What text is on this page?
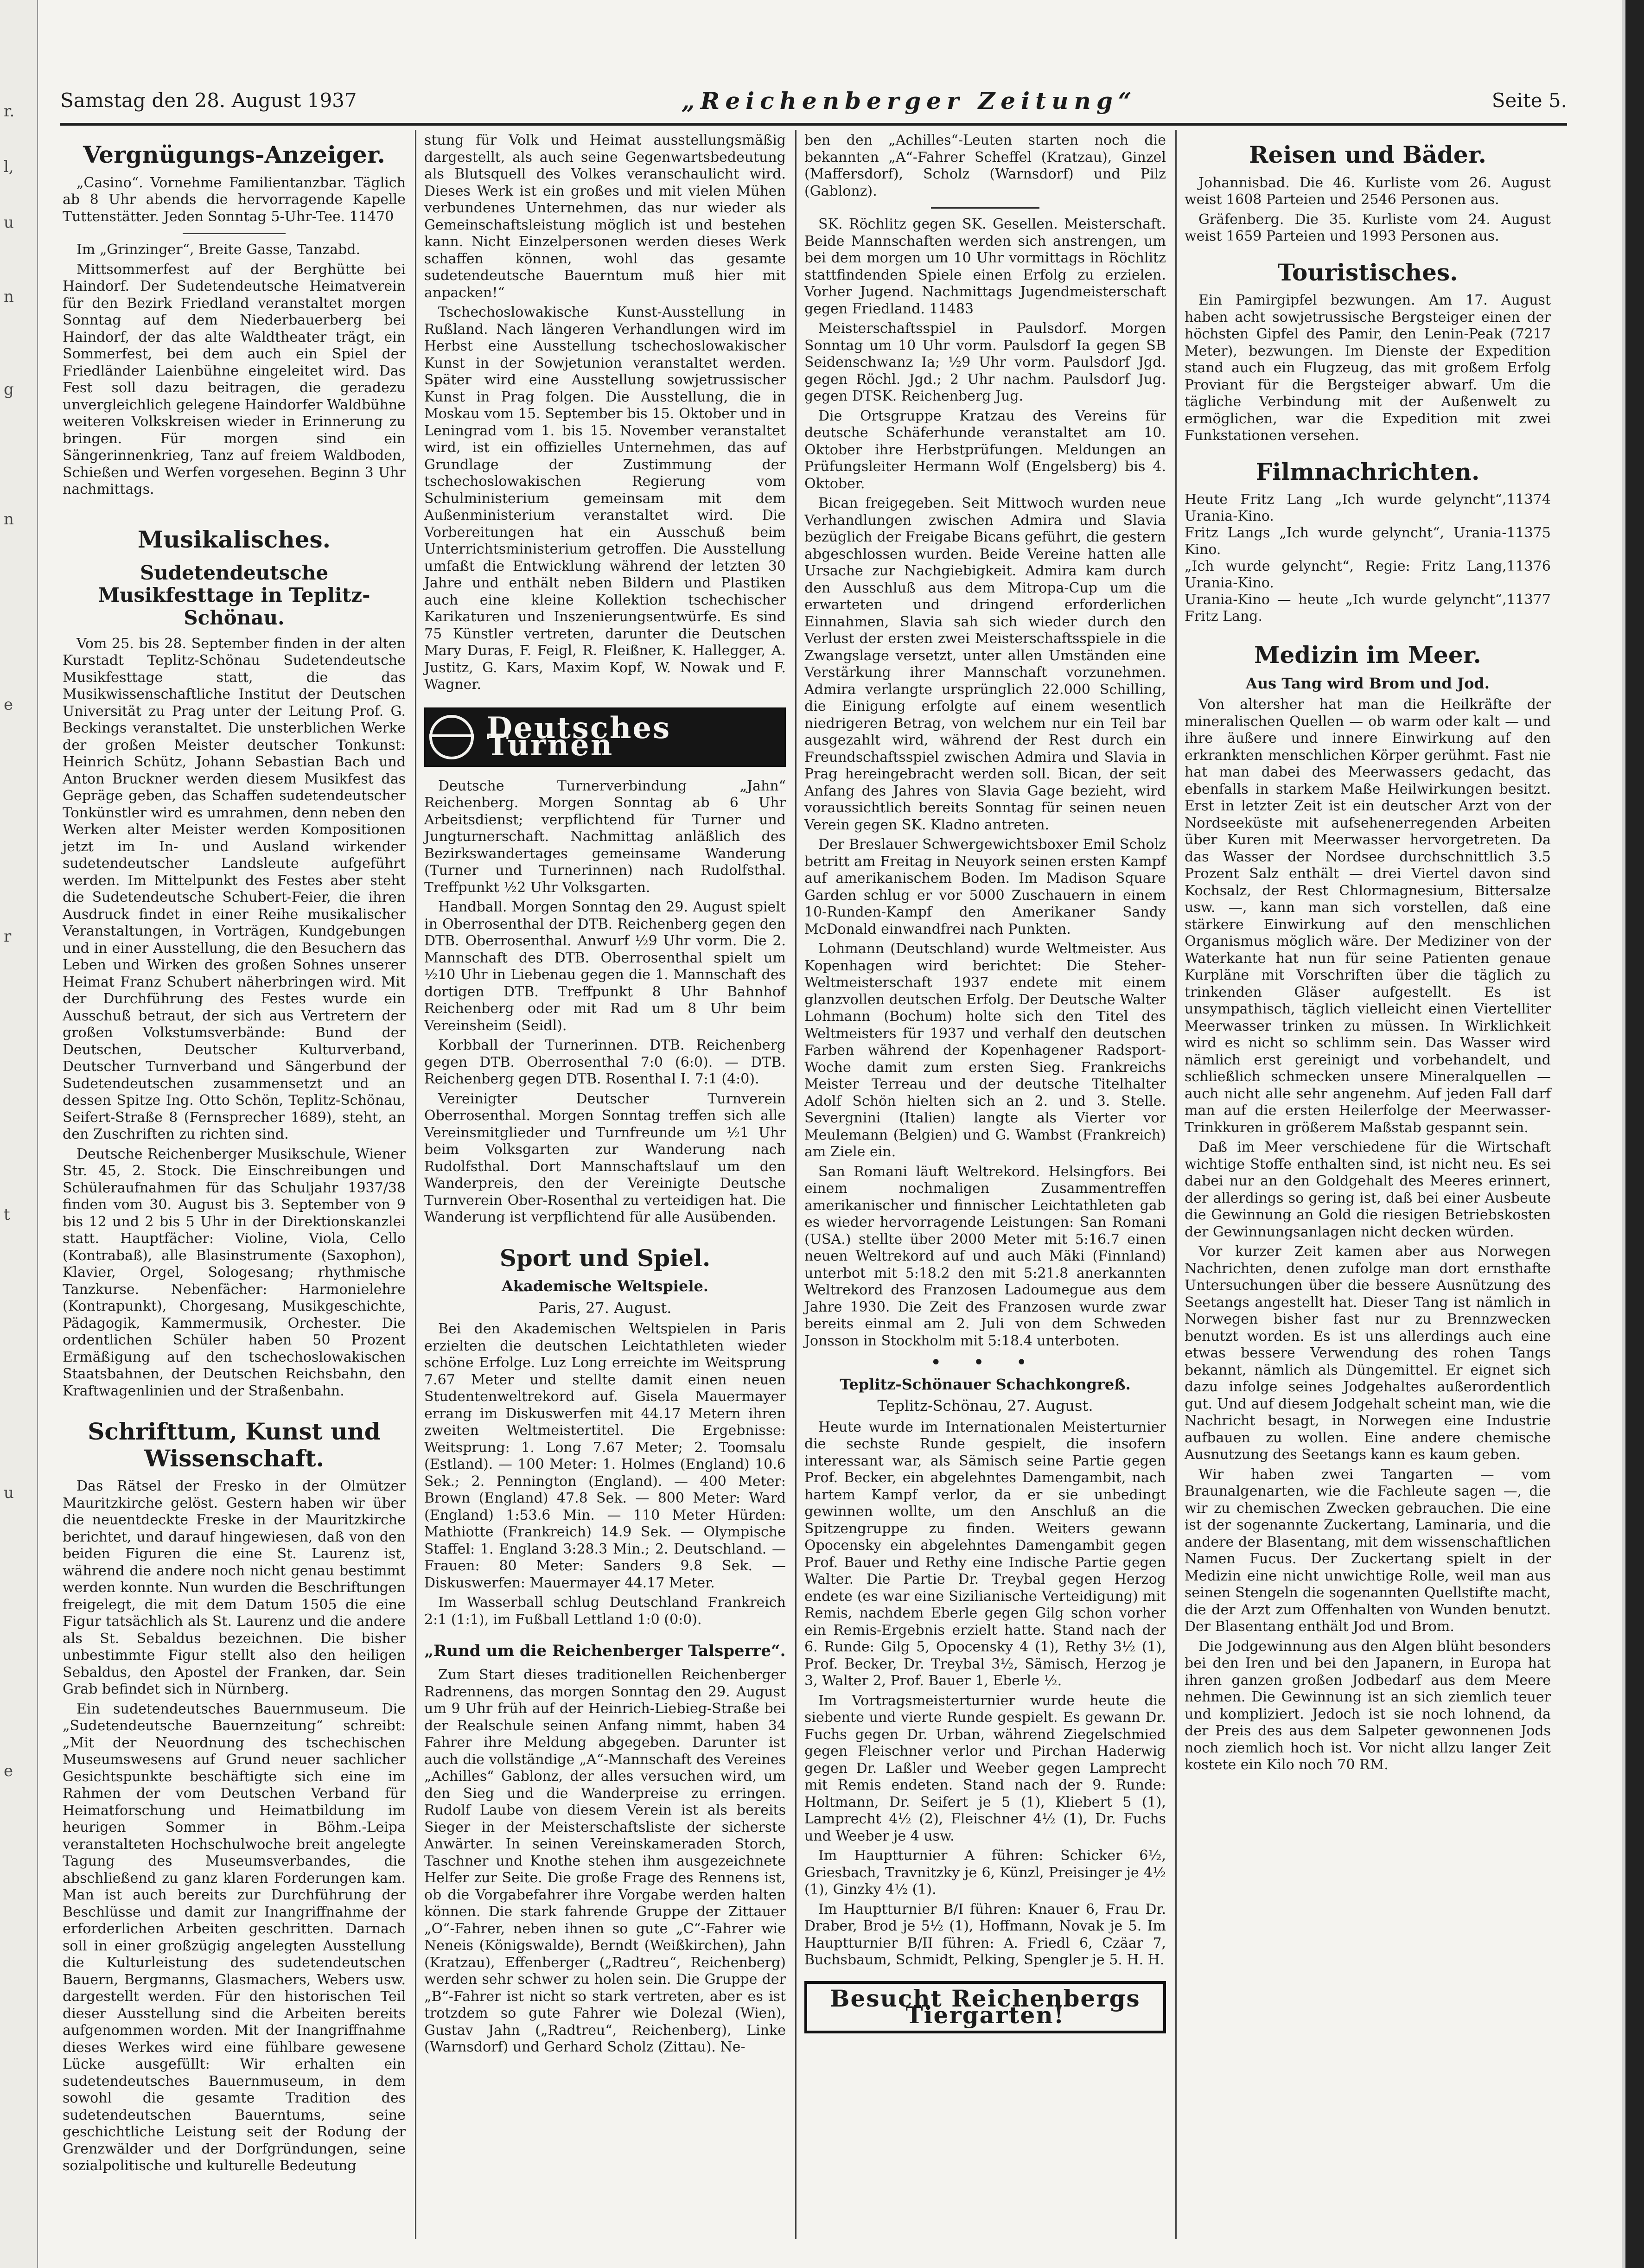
r.
l,
u
n
g
n
e
r
t
u
e
Samstag den 28. August 1937	„Reichenberger Zeitung“	Seite 5.
Vergnügungs-Anzeiger.

„Casino“. Vornehme Familientanzbar. Täglich ab 8 Uhr abends die hervorragende Kapelle Tuttenstätter. Jeden Sonntag 5-Uhr-Tee. 11470

Im „Grinzinger“, Breite Gasse, Tanzabd.

Mittsommerfest auf der Berghütte bei Haindorf. Der Sudetendeutsche Heimatverein für den Bezirk Friedland veranstaltet morgen Sonntag auf dem Niederbauerberg bei Haindorf, der das alte Waldtheater trägt, ein Sommerfest, bei dem auch ein Spiel der Friedländer Laienbühne eingeleitet wird. Das Fest soll dazu beitragen, die geradezu unvergleichlich gelegene Haindorfer Waldbühne weiteren Volkskreisen wieder in Erinnerung zu bringen. Für morgen sind ein Sängerinnenkrieg, Tanz auf freiem Waldboden, Schießen und Werfen vorgesehen. Beginn 3 Uhr nachmittags.

Musikalisches.
Sudetendeutsche Musikfesttage in Teplitz-Schönau.

Vom 25. bis 28. September finden in der alten Kurstadt Teplitz-Schönau Sudetendeutsche Musikfesttage statt, die das Musikwissenschaftliche Institut der Deutschen Universität zu Prag unter der Leitung Prof. G. Beckings veranstaltet. Die unsterblichen Werke der großen Meister deutscher Tonkunst: Heinrich Schütz, Johann Sebastian Bach und Anton Bruckner werden diesem Musikfest das Gepräge geben, das Schaffen sudetendeutscher Tonkünstler wird es umrahmen, denn neben den Werken alter Meister werden Kompositionen jetzt im In- und Ausland wirkender sudetendeutscher Landsleute aufgeführt werden. Im Mittelpunkt des Festes aber steht die Sudetendeutsche Schubert-Feier, die ihren Ausdruck findet in einer Reihe musikalischer Veranstaltungen, in Vorträgen, Kundgebungen und in einer Ausstellung, die den Besuchern das Leben und Wirken des großen Sohnes unserer Heimat Franz Schubert näherbringen wird. Mit der Durchführung des Festes wurde ein Ausschuß betraut, der sich aus Vertretern der großen Volkstumsverbände: Bund der Deutschen, Deutscher Kulturverband, Deutscher Turnverband und Sängerbund der Sudetendeutschen zusammensetzt und an dessen Spitze Ing. Otto Schön, Teplitz-Schönau, Seifert-Straße 8 (Fernsprecher 1689), steht, an den Zuschriften zu richten sind.

Deutsche Reichenberger Musikschule, Wiener Str. 45, 2. Stock. Die Einschreibungen und Schüleraufnahmen für das Schuljahr 1937/38 finden vom 30. August bis 3. September von 9 bis 12 und 2 bis 5 Uhr in der Direktionskanzlei statt. Hauptfächer: Violine, Viola, Cello (Kontrabaß), alle Blasinstrumente (Saxophon), Klavier, Orgel, Sologesang; rhythmische Tanzkurse. Nebenfächer: Harmonielehre (Kontrapunkt), Chorgesang, Musikgeschichte, Pädagogik, Kammermusik, Orchester. Die ordentlichen Schüler haben 50 Prozent Ermäßigung auf den tschechoslowakischen Staatsbahnen, der Deutschen Reichsbahn, den Kraftwagenlinien und der Straßenbahn.

Schrifttum, Kunst und Wissenschaft.

Das Rätsel der Fresko in der Olmützer Mauritzkirche gelöst. Gestern haben wir über die neuentdeckte Freske in der Mauritzkirche berichtet, und darauf hingewiesen, daß von den beiden Figuren die eine St. Laurenz ist, während die andere noch nicht genau bestimmt werden konnte. Nun wurden die Beschriftungen freigelegt, die mit dem Datum 1505 die eine Figur tatsächlich als St. Laurenz und die andere als St. Sebaldus bezeichnen. Die bisher unbestimmte Figur stellt also den heiligen Sebaldus, den Apostel der Franken, dar. Sein Grab befindet sich in Nürnberg.

Ein sudetendeutsches Bauernmuseum. Die „Sudetendeutsche Bauernzeitung“ schreibt: „Mit der Neuordnung des tschechischen Museumswesens auf Grund neuer sachlicher Gesichtspunkte beschäftigte sich eine im Rahmen der vom Deutschen Verband für Heimatforschung und Heimatbildung im heurigen Sommer in Böhm.-Leipa veranstalteten Hochschulwoche breit angelegte Tagung des Museumsverbandes, die abschließend zu ganz klaren Forderungen kam. Man ist auch bereits zur Durchführung der Beschlüsse und damit zur Inangriffnahme der erforderlichen Arbeiten geschritten. Darnach soll in einer großzügig angelegten Ausstellung die Kulturleistung des sudetendeutschen Bauern, Bergmanns, Glasmachers, Webers usw. dargestellt werden. Für den historischen Teil dieser Ausstellung sind die Arbeiten bereits aufgenommen worden. Mit der Inangriffnahme dieses Werkes wird eine fühlbare gewesene Lücke ausgefüllt: Wir erhalten ein sudetendeutsches Bauernmuseum, in dem sowohl die gesamte Tradition des sudetendeutschen Bauerntums, seine geschichtliche Leistung seit der Rodung der Grenzwälder und der Dorfgründungen, seine sozialpolitische und kulturelle Bedeutung

stung für Volk und Heimat ausstellungsmäßig dargestellt, als auch seine Gegenwartsbedeutung als Blutsquell des Volkes veranschaulicht wird. Dieses Werk ist ein großes und mit vielen Mühen verbundenes Unternehmen, das nur wieder als Gemeinschaftsleistung möglich ist und bestehen kann. Nicht Einzelpersonen werden dieses Werk schaffen können, wohl das gesamte sudetendeutsche Bauerntum muß hier mit anpacken!“

Tschechoslowakische Kunst-Ausstellung in Rußland. Nach längeren Verhandlungen wird im Herbst eine Ausstellung tschechoslowakischer Kunst in der Sowjetunion veranstaltet werden. Später wird eine Ausstellung sowjetrussischer Kunst in Prag folgen. Die Ausstellung, die in Moskau vom 15. September bis 15. Oktober und in Leningrad vom 1. bis 15. November veranstaltet wird, ist ein offizielles Unternehmen, das auf Grundlage der Zustimmung der tschechoslowakischen Regierung vom Schulministerium gemeinsam mit dem Außenministerium veranstaltet wird. Die Vorbereitungen hat ein Ausschuß beim Unterrichtsministerium getroffen. Die Ausstellung umfaßt die Entwicklung während der letzten 30 Jahre und enthält neben Bildern und Plastiken auch eine kleine Kollektion tschechischer Karikaturen und Inszenierungsentwürfe. Es sind 75 Künstler vertreten, darunter die Deutschen Mary Duras, F. Feigl, R. Fleißner, K. Hallegger, A. Justitz, G. Kars, Maxim Kopf, W. Nowak und F. Wagner.

Deutsches Turnen

Deutsche Turnerverbindung „Jahn“ Reichenberg. Morgen Sonntag ab 6 Uhr Arbeitsdienst; verpflichtend für Turner und Jungturnerschaft. Nachmittag anläßlich des Bezirkswandertages gemeinsame Wanderung (Turner und Turnerinnen) nach Rudolfsthal. Treffpunkt ½2 Uhr Volksgarten.

Handball. Morgen Sonntag den 29. August spielt in Oberrosenthal der DTB. Reichenberg gegen den DTB. Oberrosenthal. Anwurf ½9 Uhr vorm. Die 2. Mannschaft des DTB. Oberrosenthal spielt um ½10 Uhr in Liebenau gegen die 1. Mannschaft des dortigen DTB. Treffpunkt 8 Uhr Bahnhof Reichenberg oder mit Rad um 8 Uhr beim Vereinsheim (Seidl).

Korbball der Turnerinnen. DTB. Reichenberg gegen DTB. Oberrosenthal 7:0 (6:0). — DTB. Reichenberg gegen DTB. Rosenthal I. 7:1 (4:0).

Vereinigter Deutscher Turnverein Oberrosenthal. Morgen Sonntag treffen sich alle Vereinsmitglieder und Turnfreunde um ½1 Uhr beim Volksgarten zur Wanderung nach Rudolfsthal. Dort Mannschaftslauf um den Wanderpreis, den der Vereinigte Deutsche Turnverein Ober-Rosenthal zu verteidigen hat. Die Wanderung ist verpflichtend für alle Ausübenden.

Sport und Spiel.
Akademische Weltspiele.
Paris, 27. August.

Bei den Akademischen Weltspielen in Paris erzielten die deutschen Leichtathleten wieder schöne Erfolge. Luz Long erreichte im Weitsprung 7.67 Meter und stellte damit einen neuen Studentenweltrekord auf. Gisela Mauermayer errang im Diskuswerfen mit 44.17 Metern ihren zweiten Weltmeistertitel. Die Ergebnisse: Weitsprung: 1. Long 7.67 Meter; 2. Toomsalu (Estland). — 100 Meter: 1. Holmes (England) 10.6 Sek.; 2. Pennington (England). — 400 Meter: Brown (England) 47.8 Sek. — 800 Meter: Ward (England) 1:53.6 Min. — 110 Meter Hürden: Mathiotte (Frankreich) 14.9 Sek. — Olympische Staffel: 1. England 3:28.3 Min.; 2. Deutschland. — Frauen: 80 Meter: Sanders 9.8 Sek. — Diskuswerfen: Mauermayer 44.17 Meter.

Im Wasserball schlug Deutschland Frankreich 2:1 (1:1), im Fußball Lettland 1:0 (0:0).

„Rund um die Reichenberger Talsperre“.

Zum Start dieses traditionellen Reichenberger Radrennens, das morgen Sonntag den 29. August um 9 Uhr früh auf der Heinrich-Liebieg-Straße bei der Realschule seinen Anfang nimmt, haben 34 Fahrer ihre Meldung abgegeben. Darunter ist auch die vollständige „A“-Mannschaft des Vereines „Achilles“ Gablonz, der alles versuchen wird, um den Sieg und die Wanderpreise zu erringen. Rudolf Laube von diesem Verein ist als bereits Sieger in der Meisterschaftsliste der sicherste Anwärter. In seinen Vereinskameraden Storch, Taschner und Knothe stehen ihm ausgezeichnete Helfer zur Seite. Die große Frage des Rennens ist, ob die Vorgabefahrer ihre Vorgabe werden halten können. Die stark fahrende Gruppe der Zittauer „O“-Fahrer, neben ihnen so gute „C“-Fahrer wie Neneis (Königswalde), Berndt (Weißkirchen), Jahn (Kratzau), Effenberger („Radtreu“, Reichenberg) werden sehr schwer zu holen sein. Die Gruppe der „B“-Fahrer ist nicht so stark vertreten, aber es ist trotzdem so gute Fahrer wie Dolezal (Wien), Gustav Jahn („Radtreu“, Reichenberg), Linke (Warnsdorf) und Gerhard Scholz (Zittau). Ne-

ben den „Achilles“-Leuten starten noch die bekannten „A“-Fahrer Scheffel (Kratzau), Ginzel (Maffersdorf), Scholz (Warnsdorf) und Pilz (Gablonz).

SK. Röchlitz gegen SK. Gesellen. Meisterschaft. Beide Mannschaften werden sich anstrengen, um bei dem morgen um 10 Uhr vormittags in Röchlitz stattfindenden Spiele einen Erfolg zu erzielen. Vorher Jugend. Nachmittags Jugendmeisterschaft gegen Friedland. 11483

Meisterschaftsspiel in Paulsdorf. Morgen Sonntag um 10 Uhr vorm. Paulsdorf Ia gegen SB Seidenschwanz Ia; ½9 Uhr vorm. Paulsdorf Jgd. gegen Röchl. Jgd.; 2 Uhr nachm. Paulsdorf Jug. gegen DTSK. Reichenberg Jug.

Die Ortsgruppe Kratzau des Vereins für deutsche Schäferhunde veranstaltet am 10. Oktober ihre Herbstprüfungen. Meldungen an Prüfungsleiter Hermann Wolf (Engelsberg) bis 4. Oktober.

Bican freigegeben. Seit Mittwoch wurden neue Verhandlungen zwischen Admira und Slavia bezüglich der Freigabe Bicans geführt, die gestern abgeschlossen wurden. Beide Vereine hatten alle Ursache zur Nachgiebigkeit. Admira kam durch den Ausschluß aus dem Mitropa-Cup um die erwarteten und dringend erforderlichen Einnahmen, Slavia sah sich wieder durch den Verlust der ersten zwei Meisterschaftsspiele in die Zwangslage versetzt, unter allen Umständen eine Verstärkung ihrer Mannschaft vorzunehmen. Admira verlangte ursprünglich 22.000 Schilling, die Einigung erfolgte auf einem wesentlich niedrigeren Betrag, von welchem nur ein Teil bar ausgezahlt wird, während der Rest durch ein Freundschaftsspiel zwischen Admira und Slavia in Prag hereingebracht werden soll. Bican, der seit Anfang des Jahres von Slavia Gage bezieht, wird voraussichtlich bereits Sonntag für seinen neuen Verein gegen SK. Kladno antreten.

Der Breslauer Schwergewichtsboxer Emil Scholz betritt am Freitag in Neuyork seinen ersten Kampf auf amerikanischem Boden. Im Madison Square Garden schlug er vor 5000 Zuschauern in einem 10-Runden-Kampf den Amerikaner Sandy McDonald einwandfrei nach Punkten.

Lohmann (Deutschland) wurde Weltmeister. Aus Kopenhagen wird berichtet: Die Steher-Weltmeisterschaft 1937 endete mit einem glanzvollen deutschen Erfolg. Der Deutsche Walter Lohmann (Bochum) holte sich den Titel des Weltmeisters für 1937 und verhalf den deutschen Farben während der Kopenhagener Radsport-Woche damit zum ersten Sieg. Frankreichs Meister Terreau und der deutsche Titelhalter Adolf Schön hielten sich an 2. und 3. Stelle. Severgnini (Italien) langte als Vierter vor Meulemann (Belgien) und G. Wambst (Frankreich) am Ziele ein.

San Romani läuft Weltrekord. Helsingfors. Bei einem nochmaligen Zusammentreffen amerikanischer und finnischer Leichtathleten gab es wieder hervorragende Leistungen: San Romani (USA.) stellte über 2000 Meter mit 5:16.7 einen neuen Weltrekord auf und auch Mäki (Finnland) unterbot mit 5:18.2 den mit 5:21.8 anerkannten Weltrekord des Franzosen Ladoumegue aus dem Jahre 1930. Die Zeit des Franzosen wurde zwar bereits einmal am 2. Juli von dem Schweden Jonsson in Stockholm mit 5:18.4 unterboten.

• • •
Teplitz-Schönauer Schachkongreß.
Teplitz-Schönau, 27. August.

Heute wurde im Internationalen Meisterturnier die sechste Runde gespielt, die insofern interessant war, als Sämisch seine Partie gegen Prof. Becker, ein abgelehntes Damengambit, nach hartem Kampf verlor, da er sie unbedingt gewinnen wollte, um den Anschluß an die Spitzengruppe zu finden. Weiters gewann Opocensky ein abgelehntes Damengambit gegen Prof. Bauer und Rethy eine Indische Partie gegen Walter. Die Partie Dr. Treybal gegen Herzog endete (es war eine Sizilianische Verteidigung) mit Remis, nachdem Eberle gegen Gilg schon vorher ein Remis-Ergebnis erzielt hatte. Stand nach der 6. Runde: Gilg 5, Opocensky 4 (1), Rethy 3½ (1), Prof. Becker, Dr. Treybal 3½, Sämisch, Herzog je 3, Walter 2, Prof. Bauer 1, Eberle ½.

Im Vortragsmeisterturnier wurde heute die siebente und vierte Runde gespielt. Es gewann Dr. Fuchs gegen Dr. Urban, während Ziegelschmied gegen Fleischner verlor und Pirchan Haderwig gegen Dr. Laßler und Weeber gegen Lamprecht mit Remis endeten. Stand nach der 9. Runde: Holtmann, Dr. Seifert je 5 (1), Kliebert 5 (1), Lamprecht 4½ (2), Fleischner 4½ (1), Dr. Fuchs und Weeber je 4 usw.

Im Hauptturnier A führen: Schicker 6½, Griesbach, Travnitzky je 6, Künzl, Preisinger je 4½ (1), Ginzky 4½ (1).

Im Hauptturnier B/I führen: Knauer 6, Frau Dr. Draber, Brod je 5½ (1), Hoffmann, Novak je 5. Im Hauptturnier B/II führen: A. Friedl 6, Czäar 7, Buchsbaum, Schmidt, Pelking, Spengler je 5. H. H.

Besucht Reichenbergs Tiergarten!
Reisen und Bäder.

Johannisbad. Die 46. Kurliste vom 26. August weist 1608 Parteien und 2546 Personen aus.

Gräfenberg. Die 35. Kurliste vom 24. August weist 1659 Parteien und 1993 Personen aus.

Touristisches.

Ein Pamirgipfel bezwungen. Am 17. August haben acht sowjetrussische Bergsteiger einen der höchsten Gipfel des Pamir, den Lenin-Peak (7217 Meter), bezwungen. Im Dienste der Expedition stand auch ein Flugzeug, das mit großem Erfolg Proviant für die Bergsteiger abwarf. Um die tägliche Verbindung mit der Außenwelt zu ermöglichen, war die Expedition mit zwei Funkstationen versehen.

Filmnachrichten.
Heute Fritz Lang „Ich wurde gelyncht“, Urania-Kino.
11374
Fritz Langs „Ich wurde gelyncht“, Urania-Kino.
11375
„Ich wurde gelyncht“, Regie: Fritz Lang, Urania-Kino.
11376
Urania-Kino — heute „Ich wurde gelyncht“, Fritz Lang.
11377
Medizin im Meer.
Aus Tang wird Brom und Jod.

Von altersher hat man die Heilkräfte der mineralischen Quellen — ob warm oder kalt — und ihre äußere und innere Einwirkung auf den erkrankten menschlichen Körper gerühmt. Fast nie hat man dabei des Meerwassers gedacht, das ebenfalls in starkem Maße Heilwirkungen besitzt. Erst in letzter Zeit ist ein deutscher Arzt von der Nordseeküste mit aufsehenerregenden Arbeiten über Kuren mit Meerwasser hervorgetreten. Da das Wasser der Nordsee durchschnittlich 3.5 Prozent Salz enthält — drei Viertel davon sind Kochsalz, der Rest Chlormagnesium, Bittersalze usw. —, kann man sich vorstellen, daß eine stärkere Einwirkung auf den menschlichen Organismus möglich wäre. Der Mediziner von der Waterkante hat nun für seine Patienten genaue Kurpläne mit Vorschriften über die täglich zu trinkenden Gläser aufgestellt. Es ist unsympathisch, täglich vielleicht einen Viertelliter Meerwasser trinken zu müssen. In Wirklichkeit wird es nicht so schlimm sein. Das Wasser wird nämlich erst gereinigt und vorbehandelt, und schließlich schmecken unsere Mineralquellen — auch nicht alle sehr angenehm. Auf jeden Fall darf man auf die ersten Heilerfolge der Meerwasser-Trinkkuren in größerem Maßstab gespannt sein.

Daß im Meer verschiedene für die Wirtschaft wichtige Stoffe enthalten sind, ist nicht neu. Es sei dabei nur an den Goldgehalt des Meeres erinnert, der allerdings so gering ist, daß bei einer Ausbeute die Gewinnung an Gold die riesigen Betriebskosten der Gewinnungsanlagen nicht decken würden.

Vor kurzer Zeit kamen aber aus Norwegen Nachrichten, denen zufolge man dort ernsthafte Untersuchungen über die bessere Ausnützung des Seetangs angestellt hat. Dieser Tang ist nämlich in Norwegen bisher fast nur zu Brennzwecken benutzt worden. Es ist uns allerdings auch eine etwas bessere Verwendung des rohen Tangs bekannt, nämlich als Düngemittel. Er eignet sich dazu infolge seines Jodgehaltes außerordentlich gut. Und auf diesem Jodgehalt scheint man, wie die Nachricht besagt, in Norwegen eine Industrie aufbauen zu wollen. Eine andere chemische Ausnutzung des Seetangs kann es kaum geben.

Wir haben zwei Tangarten — vom Braunalgenarten, wie die Fachleute sagen —, die wir zu chemischen Zwecken gebrauchen. Die eine ist der sogenannte Zuckertang, Laminaria, und die andere der Blasentang, mit dem wissenschaftlichen Namen Fucus. Der Zuckertang spielt in der Medizin eine nicht unwichtige Rolle, weil man aus seinen Stengeln die sogenannten Quellstifte macht, die der Arzt zum Offenhalten von Wunden benutzt. Der Blasentang enthält Jod und Brom.

Die Jodgewinnung aus den Algen blüht besonders bei den Iren und bei den Japanern, in Europa hat ihren ganzen großen Jodbedarf aus dem Meere nehmen. Die Gewinnung ist an sich ziemlich teuer und kompliziert. Jedoch ist sie noch lohnend, da der Preis des aus dem Salpeter gewonnenen Jods noch ziemlich hoch ist. Vor nicht allzu langer Zeit kostete ein Kilo noch 70 RM.
